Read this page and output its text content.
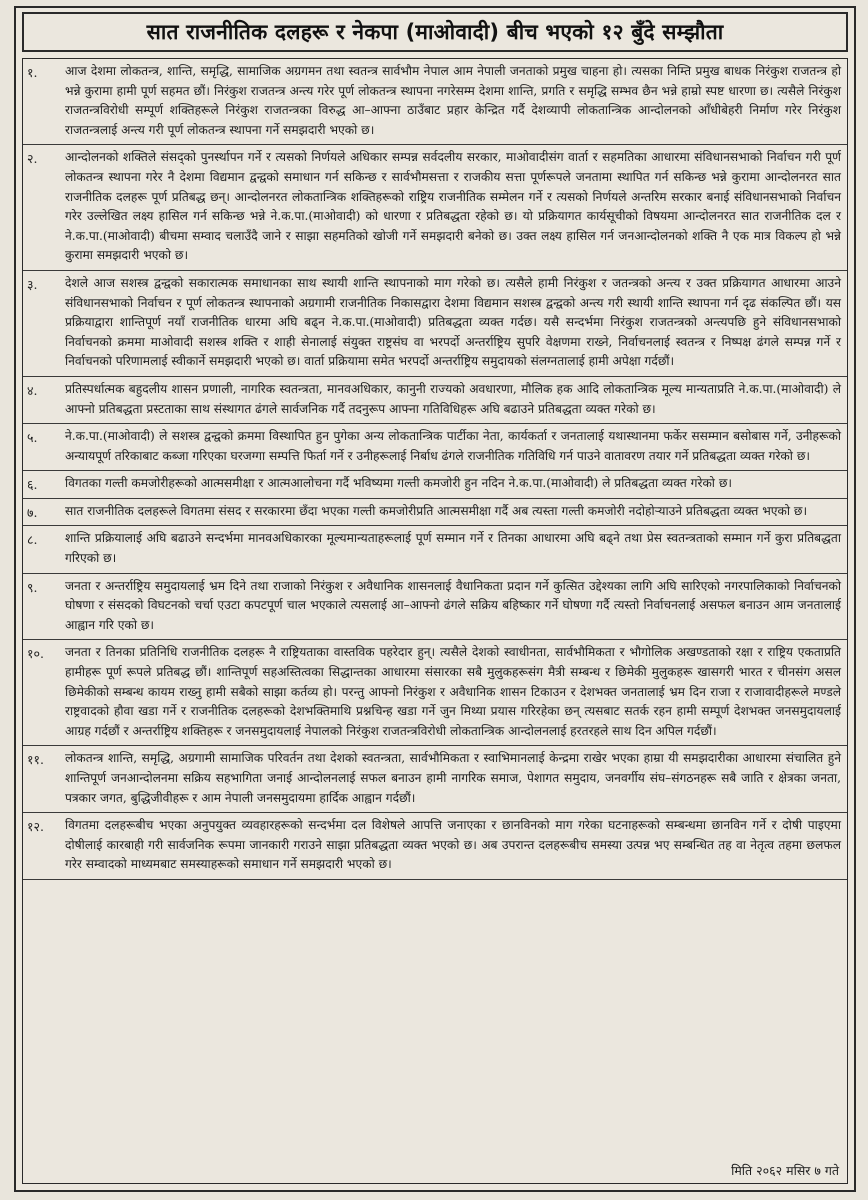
सात राजनीतिक दलहरू र नेकपा (माओवादी) बीच भएको १२ बुँदे सम्झौता
१.	आज देशमा लोकतन्त्र, शान्ति, समृद्धि, सामाजिक अग्रगमन तथा स्वतन्त्र सार्वभौम नेपाल आम नेपाली जनताको प्रमुख चाहना हो। त्यसका निम्ति प्रमुख बाधक निरंकुश राजतन्त्र हो भन्ने कुरामा हामी पूर्ण सहमत छौं। निरंकुश राजतन्त्र अन्त्य गरेर पूर्ण लोकतन्त्र स्थापना नगरेसम्म देशमा शान्ति, प्रगति र समृद्धि सम्भव छैन भन्ने हाम्रो स्पष्ट धारणा छ। त्यसैले निरंकुश राजतन्त्रविरोधी सम्पूर्ण शक्तिहरूले निरंकुश राजतन्त्रका विरुद्ध आ–आफ्ना ठाउँबाट प्रहार केन्द्रित गर्दै देशव्यापी लोकतान्त्रिक आन्दोलनको आँधीबेहरी निर्माण गरेर निरंकुश राजतन्त्रलाई अन्त्य गरी पूर्ण लोकतन्त्र स्थापना गर्ने समझदारी भएको छ।
२.	आन्दोलनको शक्तिले संसद्को पुनर्स्थापन गर्ने र त्यसको निर्णयले अधिकार सम्पन्न सर्वदलीय सरकार, माओवादीसंग वार्ता र सहमतिका आधारमा संविधानसभाको निर्वाचन गरी पूर्ण लोकतन्त्र स्थापना गरेर नै देशमा विद्यमान द्वन्द्वको समाधान गर्न सकिन्छ र सार्वभौमसत्ता र राजकीय सत्ता पूर्णरूपले जनतामा स्थापित गर्न सकिन्छ भन्ने कुरामा आन्दोलनरत सात राजनीतिक दलहरू पूर्ण प्रतिबद्ध छन्। आन्दोलनरत लोकतान्त्रिक शक्तिहरूको राष्ट्रिय राजनीतिक सम्मेलन गर्ने र त्यसको निर्णयले अन्तरिम सरकार बनाई संविधानसभाको निर्वाचन गरेर उल्लेखित लक्ष्य हासिल गर्न सकिन्छ भन्ने ने.क.पा.(माओवादी) को धारणा र प्रतिबद्धता रहेको छ। यो प्रक्रियागत कार्यसूचीको विषयमा आन्दोलनरत सात राजनीतिक दल र ने.क.पा.(माओवादी) बीचमा सम्वाद चलाउँदै जाने र साझा सहमतिको खोजी गर्ने समझदारी बनेको छ। उक्त लक्ष्य हासिल गर्न जनआन्दोलनको शक्ति नै एक मात्र विकल्प हो भन्ने कुरामा समझदारी भएको छ।
३.	देशले आज सशस्त्र द्वन्द्वको सकारात्मक समाधानका साथ स्थायी शान्ति स्थापनाको माग गरेको छ। त्यसैले हामी निरंकुश र जतन्त्रको अन्त्य र उक्त प्रक्रियागत आधारमा आउने संविधानसभाको निर्वाचन र पूर्ण लोकतन्त्र स्थापनाको अग्रगामी राजनीतिक निकासद्वारा देशमा विद्यमान सशस्त्र द्वन्द्वको अन्त्य गरी स्थायी शान्ति स्थापना गर्न दृढ संकल्पित छौं। यस प्रक्रियाद्वारा शान्तिपूर्ण नयाँ राजनीतिक धारमा अघि बढ्न ने.क.पा.(माओवादी) प्रतिबद्धता व्यक्त गर्दछ। यसै सन्दर्भमा निरंकुश राजतन्त्रको अन्त्यपछि हुने संविधानसभाको निर्वाचनको क्रममा माओवादी सशस्त्र शक्ति र शाही सेनालाई संयुक्त राष्ट्रसंघ वा भरपर्दो अन्तर्राष्ट्रिय सुपरि वेक्षणमा राख्ने, निर्वाचनलाई स्वतन्त्र र निष्पक्ष ढंगले सम्पन्न गर्ने र निर्वाचनको परिणामलाई स्वीकार्ने समझदारी भएको छ। वार्ता प्रक्रियामा समेत भरपर्दो अन्तर्राष्ट्रिय समुदायको संलग्नतालाई हामी अपेक्षा गर्दछौं।
४.	प्रतिस्पर्धात्मक बहुदलीय शासन प्रणाली, नागरिक स्वतन्त्रता, मानवअधिकार, कानुनी राज्यको अवधारणा, मौलिक हक आदि लोकतान्त्रिक मूल्य मान्यताप्रति ने.क.पा.(माओवादी) ले आफ्नो प्रतिबद्धता प्रस्टताका साथ संस्थागत ढंगले सार्वजनिक गर्दै तदनुरूप आफ्ना गतिविधिहरू अघि बढाउने प्रतिबद्धता व्यक्त गरेको छ।
५.	ने.क.पा.(माओवादी) ले सशस्त्र द्वन्द्वको क्रममा विस्थापित हुन पुगेका अन्य लोकतान्त्रिक पार्टीका नेता, कार्यकर्ता र जनतालाई यथास्थानमा फर्केर ससम्मान बसोबास गर्ने, उनीहरूको अन्यायपूर्ण तरिकाबाट कब्जा गरिएका घरजग्गा सम्पत्ति फिर्ता गर्ने र उनीहरूलाई निर्बाध ढंगले राजनीतिक गतिविधि गर्न पाउने वातावरण तयार गर्ने प्रतिबद्धता व्यक्त गरेको छ।
६.	विगतका गल्ती कमजोरीहरूको आत्मसमीक्षा र आत्मआलोचना गर्दै भविष्यमा गल्ती कमजोरी हुन नदिन ने.क.पा.(माओवादी) ले प्रतिबद्धता व्यक्त गरेको छ।
७.	सात राजनीतिक दलहरूले विगतमा संसद र सरकारमा छँदा भएका गल्ती कमजोरीप्रति आत्मसमीक्षा गर्दै अब त्यस्ता गल्ती कमजोरी नदोहोऱ्याउने प्रतिबद्धता व्यक्त भएको छ।
८.	शान्ति प्रक्रियालाई अघि बढाउने सन्दर्भमा मानवअधिकारका मूल्यमान्यताहरूलाई पूर्ण सम्मान गर्ने र तिनका आधारमा अघि बढ्ने तथा प्रेस स्वतन्त्रताको सम्मान गर्ने कुरा प्रतिबद्धता गरिएको छ।
९.	जनता र अन्तर्राष्ट्रिय समुदायलाई भ्रम दिने तथा राजाको निरंकुश र अवैधानिक शासनलाई वैधानिकता प्रदान गर्ने कुत्सित उद्देश्यका लागि अघि सारिएको नगरपालिकाको निर्वाचनको घोषणा र संसदको विघटनको चर्चा एउटा कपटपूर्ण चाल भएकाले त्यसलाई आ–आफ्नो ढंगले सक्रिय बहिष्कार गर्ने घोषणा गर्दै त्यस्तो निर्वाचनलाई असफल बनाउन आम जनतालाई आह्वान गरि एको छ।
१०.	जनता र तिनका प्रतिनिधि राजनीतिक दलहरू नै राष्ट्रियताका वास्तविक पहरेदार हुन्। त्यसैले देशको स्वाधीनता, सार्वभौमिकता र भौगोलिक अखण्डताको रक्षा र राष्ट्रिय एकताप्रति हामीहरू पूर्ण रूपले प्रतिबद्ध छौं। शान्तिपूर्ण सहअस्तित्वका सिद्धान्तका आधारमा संसारका सबै मुलुकहरूसंग मैत्री सम्बन्ध र छिमेकी मुलुकहरू खासगरी भारत र चीनसंग असल छिमेकीको सम्बन्ध कायम राख्नु हामी सबैको साझा कर्तव्य हो। परन्तु आफ्नो निरंकुश र अवैधानिक शासन टिकाउन र देशभक्त जनतालाई भ्रम दिन राजा र राजावादीहरूले मण्डले राष्ट्रवादको हौवा खडा गर्ने र राजनीतिक दलहरूको देशभक्तिमाथि प्रश्नचिन्ह खडा गर्ने जुन मिथ्या प्रयास गरिरहेका छन् त्यसबाट सतर्क रहन हामी सम्पूर्ण देशभक्त जनसमुदायलाई आग्रह गर्दछौं र अन्तर्राष्ट्रिय शक्तिहरू र जनसमुदायलाई नेपालको निरंकुश राजतन्त्रविरोधी लोकतान्त्रिक आन्दोलनलाई हरतरहले साथ दिन अपिल गर्दछौं।
११.	लोकतन्त्र शान्ति, समृद्धि, अग्रगामी सामाजिक परिवर्तन तथा देशको स्वतन्त्रता, सार्वभौमिकता र स्वाभिमानलाई केन्द्रमा राखेर भएका हाम्रा यी समझदारीका आधारमा संचालित हुने शान्तिपूर्ण जनआन्दोलनमा सक्रिय सहभागिता जनाई आन्दोलनलाई सफल बनाउन हामी नागरिक समाज, पेशागत समुदाय, जनवर्गीय संघ–संगठनहरू सबै जाति र क्षेत्रका जनता, पत्रकार जगत, बुद्धिजीवीहरू र आम नेपाली जनसमुदायमा हार्दिक आह्वान गर्दछौं।
१२.	विगतमा दलहरूबीच भएका अनुपयुक्त व्यवहारहरूको सन्दर्भमा दल विशेषले आपत्ति जनाएका र छानविनको माग गरेका घटनाहरूको सम्बन्धमा छानविन गर्ने र दोषी पाइएमा दोषीलाई कारबाही गरी सार्वजनिक रूपमा जानकारी गराउने साझा प्रतिबद्धता व्यक्त भएको छ। अब उपरान्त दलहरूबीच समस्या उत्पन्न भए सम्बन्धित तह वा नेतृत्व तहमा छलफल गरेर सम्वादको माध्यमबाट समस्याहरूको समाधान गर्ने समझदारी भएको छ।
मिति २०६२ मसिर ७ गते
